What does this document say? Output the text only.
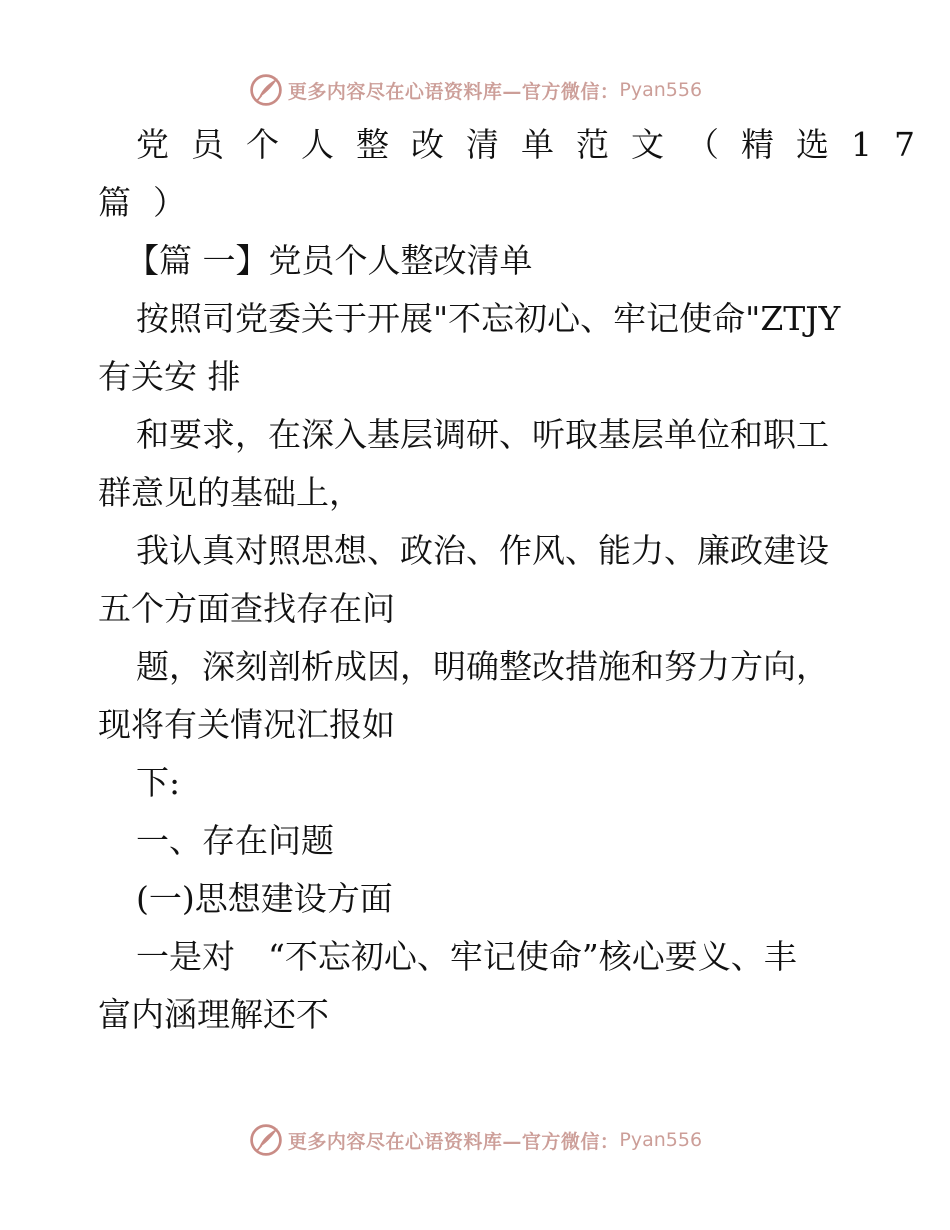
更多内容尽在心语资料库—官方微信： Pyan556
党员个人整改清单范文（精选17
篇）
【篇 一】党员个人整改清单
按照司党委关于开展"不忘初心、牢记使命"ZTJY
有关安 排
和要求，在深入基层调研、听取基层单位和职工
群意见的基础上，
我认真对照思想、政治、作风、能力、廉政建设
五个方面查找存在问
题，深刻剖析成因，明确整改措施和努力方向，
现将有关情况汇报如
下:
一、存在问题
(一)思想建设方面
一是对　“不忘初心、牢记使命”核心要义、丰
富内涵理解还不
更多内容尽在心语资料库—官方微信： Pyan556
